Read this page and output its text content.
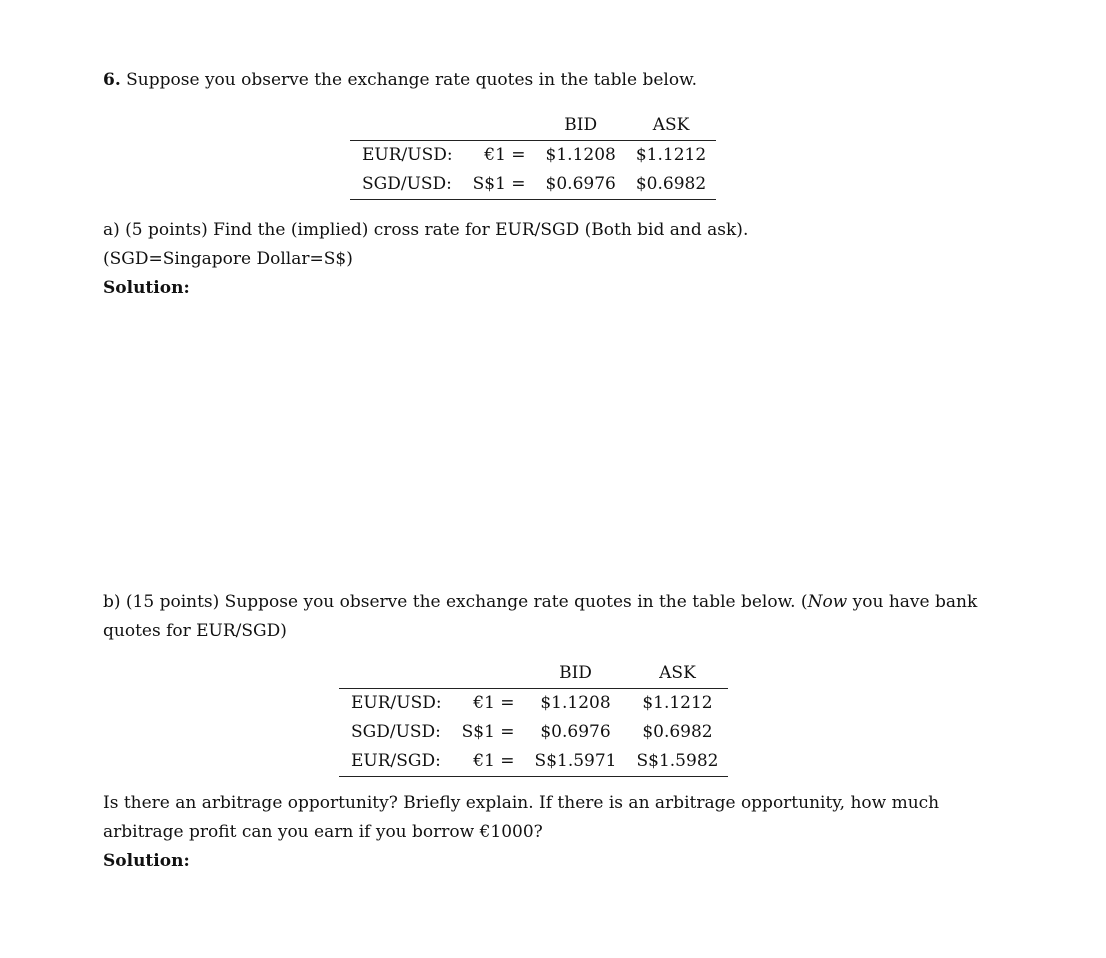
6. Suppose you observe the exchange rate quotes in the table below.
		BID	ASK
EUR/USD:	€1 =	$1.1208	$1.1212
SGD/USD:	S$1 =	$0.6976	$0.6982
a) (5 points) Find the (implied) cross rate for EUR/SGD (Both bid and ask).
(SGD=Singapore Dollar=S$)
Solution:
b) (15 points) Suppose you observe the exchange rate quotes in the table below. (Now you have bank
quotes for EUR/SGD)
		BID	ASK
EUR/USD:	€1 =	$1.1208	$1.1212
SGD/USD:	S$1 =	$0.6976	$0.6982
EUR/SGD:	€1 =	S$1.5971	S$1.5982
Is there an arbitrage opportunity? Briefly explain. If there is an arbitrage opportunity, how much
arbitrage profit can you earn if you borrow €1000?
Solution:
